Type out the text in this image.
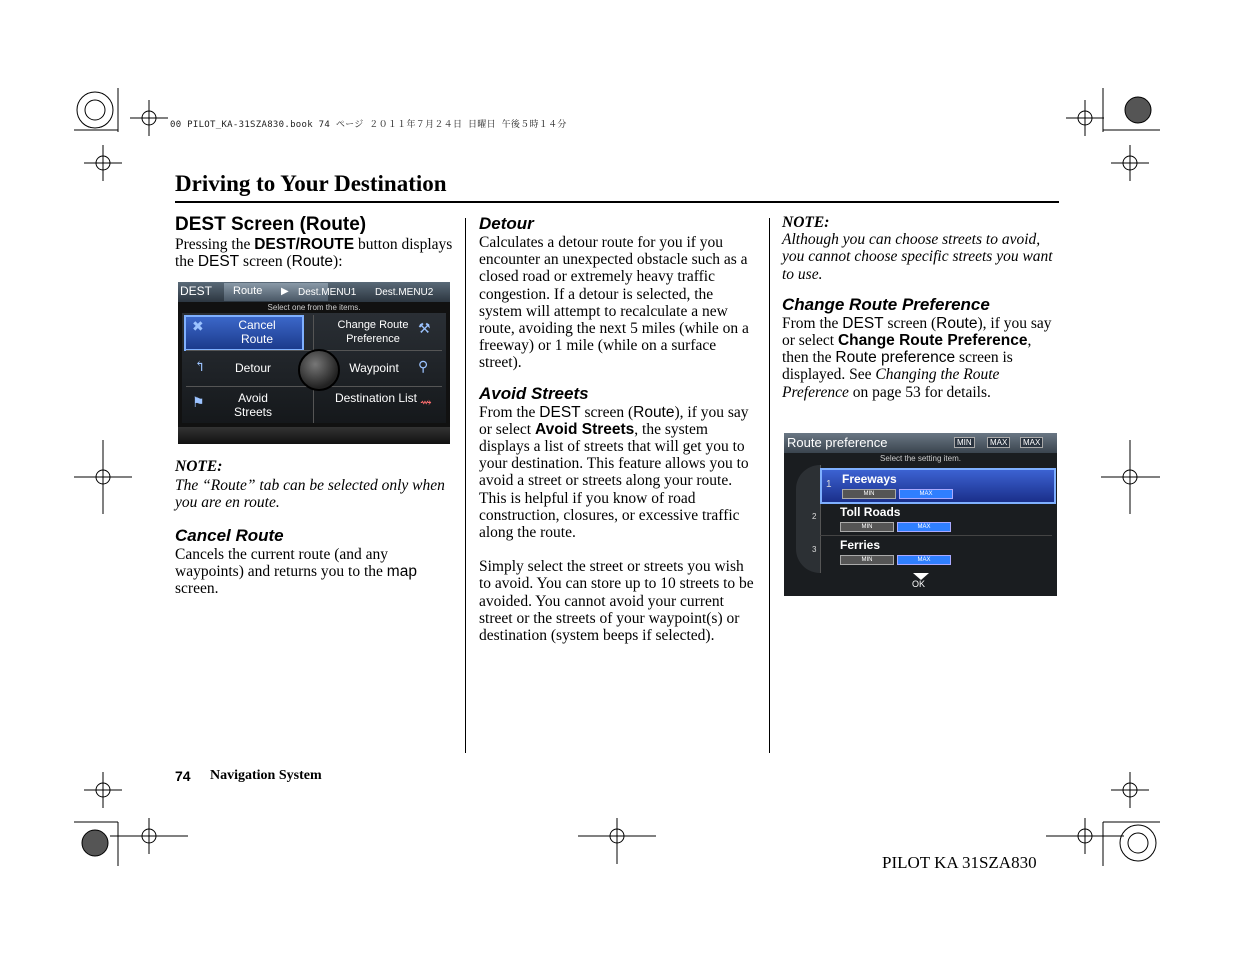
00 PILOT_KA-31SZA830.book 74 ページ ２０１１年７月２４日 日曜日 午後５時１４分
Driving to Your Destination

DEST Screen (Route)

Pressing the DEST/ROUTE button displays the DEST screen (Route):

DEST Route ▶ Dest.MENU1 Dest.MENU2
Select one from the items.
✖	Cancel Route
Change Route Preference
⚒
↰	Detour	Waypoint	⚲
⚑	Avoid Streets
Destination List ⇝

NOTE:

The “Route” tab can be selected only when you are en route.

Cancel Route

Cancels the current route (and any waypoints) and returns you to the map screen.

Detour

Calculates a detour route for you if you encounter an unexpected obstacle such as a closed road or extremely heavy traffic congestion. If a detour is selected, the system will attempt to recalculate a new route, avoiding the next 5 miles (while on a freeway) or 1 mile (while on a surface street).

Avoid Streets

From the DEST screen (Route), if you say or select Avoid Streets, the system displays a list of streets that will get you to your destination. This feature allows you to avoid a street or streets along your route. This is helpful if you know of road construction, closures, or excessive traffic along the route.

Simply select the street or streets you wish to avoid. You can store up to 10 streets to be avoided. You cannot avoid your current street or the streets of your waypoint(s) or destination (system beeps if selected).

NOTE:

Although you can choose streets to avoid, you cannot choose specific streets you want to use.

Change Route Preference

From the DEST screen (Route), if you say or select Change Route Preference, then the Route preference screen is displayed. See Changing the Route Preference on page 53 for details.

Route preference	MIN	MAX	MAX
Select the setting item.
1 Freeways
MIN	MAX
2 Toll Roads
MIN	MAX
3 Ferries
MIN	MAX
OK
74 Navigation System
PILOT KA 31SZA830
